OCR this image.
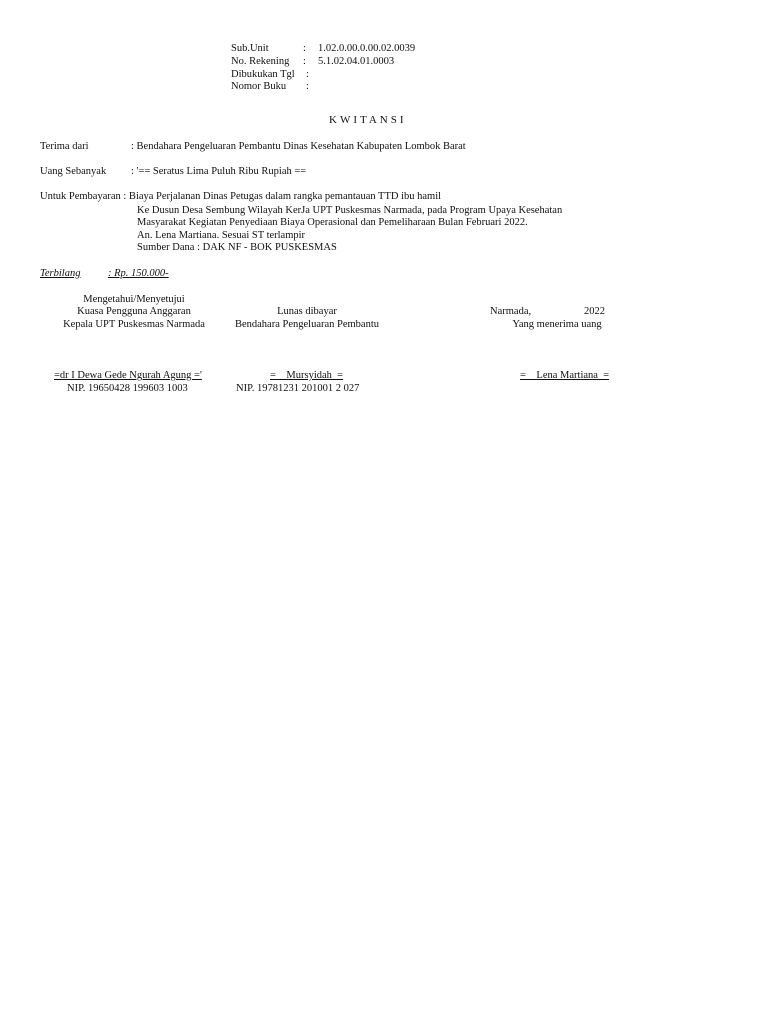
Sub.Unit	: 1.02.0.00.0.00.02.0039
No. Rekening : 5.1.02.04.01.0003
Dibukukan Tgl :
Nomor Buku :
KWITANSI
Terima dari	: Bendahara Pengeluaran Pembantu Dinas Kesehatan Kabupaten Lombok Barat
Uang Sebanyak : '== Seratus Lima Puluh Ribu Rupiah ==
Untuk Pembayaran : Biaya Perjalanan Dinas Petugas dalam rangka pemantauan TTD ibu hamil
Ke Dusun Desa Sembung Wilayah KerJa UPT Puskesmas Narmada, pada Program Upaya Kesehatan
Masyarakat Kegiatan Penyediaan Biaya Operasional dan Pemeliharaan Bulan Februari 2022.
An. Lena Martiana. Sesuai ST terlampir
Sumber Dana : DAK NF - BOK PUSKESMAS
Terbilang	: Rp. 150.000-
Mengetahui/Menyetujui
Kuasa Pengguna Anggaran
Kepala UPT Puskesmas Narmada
Lunas dibayar
Bendahara Pengeluaran Pembantu
Narmada,	2022
Yang menerima uang
=dr I Dewa Gede Ngurah Agung ='
NIP. 19650428 199603 1003
=    Mursyidah  =
NIP. 19781231 201001 2 027
=    Lena Martiana  =
